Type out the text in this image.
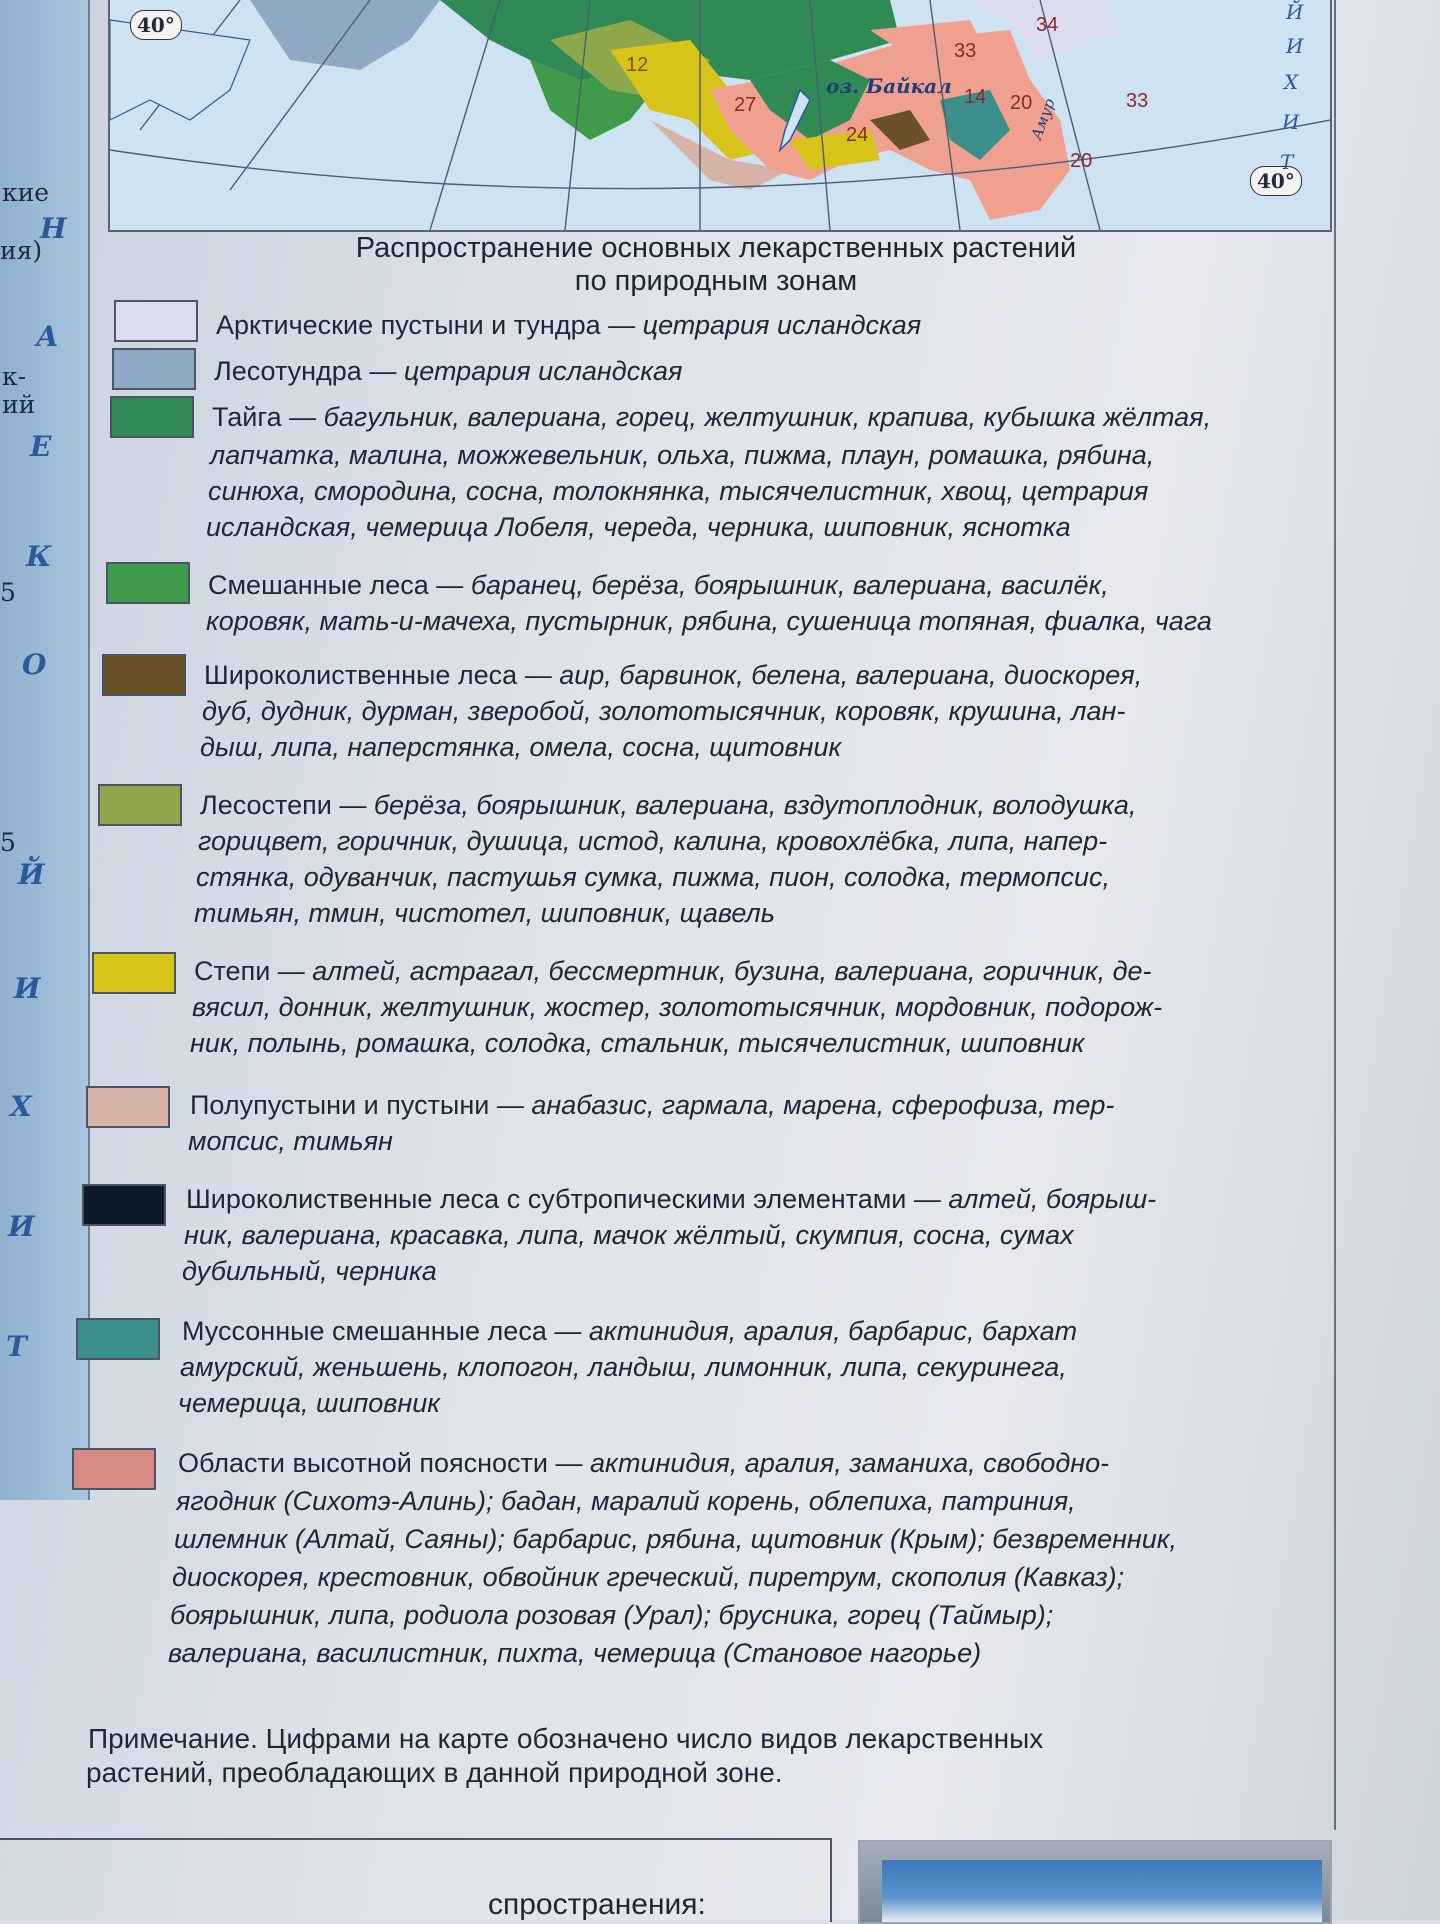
кие
ия)
к-
ий
5
5
Н
А
Е
К
О
Й
И
Х
И
Т
40°
40°
12
27
24
33
14 20
34
33
20
оз. Байкал
Амур
Т
И
Х
И
Й
Распространение основных лекарственных растений
по природным зонам
Арктические пустыни и тундра — цетрария исландская
Лесотундра — цетрария исландская
Тайга — багульник, валериана, горец, желтушник, крапива, кубышка жёлтая,
лапчатка, малина, можжевельник, ольха, пижма, плаун, ромашка, рябина,
синюха, смородина, сосна, толокнянка, тысячелистник, хвощ, цетрария
исландская, чемерица Лобеля, череда, черника, шиповник, яснотка
Смешанные леса — баранец, берёза, боярышник, валериана, василёк,
коровяк, мать-и-мачеха, пустырник, рябина, сушеница топяная, фиалка, чага
Широколиственные леса — аир, барвинок, белена, валериана, диоскорея,
дуб, дудник, дурман, зверобой, золототысячник, коровяк, крушина, лан-
дыш, липа, наперстянка, омела, сосна, щитовник
Лесостепи — берёза, боярышник, валериана, вздутоплодник, володушка,
горицвет, горичник, душица, истод, калина, кровохлёбка, липа, напер-
стянка, одуванчик, пастушья сумка, пижма, пион, солодка, термопсис,
тимьян, тмин, чистотел, шиповник, щавель
Степи — алтей, астрагал, бессмертник, бузина, валериана, горичник, де-
вясил, донник, желтушник, жостер, золототысячник, мордовник, подорож-
ник, полынь, ромашка, солодка, стальник, тысячелистник, шиповник
Полупустыни и пустыни — анабазис, гармала, марена, сферофиза, тер-
мопсис, тимьян
Широколиственные леса с субтропическими элементами — алтей, боярыш-
ник, валериана, красавка, липа, мачок жёлтый, скумпия, сосна, сумах
дубильный, черника
Муссонные смешанные леса — актинидия, аралия, барбарис, бархат
амурский, женьшень, клопогон, ландыш, лимонник, липа, секуринега,
чемерица, шиповник
Области высотной поясности — актинидия, аралия, заманиха, свободно-
ягодник (Сихотэ-Алинь); бадан, маралий корень, облепиха, патриния,
шлемник (Алтай, Саяны); барбарис, рябина, щитовник (Крым); безвременник,
диоскорея, крестовник, обвойник греческий, пиретрум, скополия (Кавказ);
боярышник, липа, родиола розовая (Урал); брусника, горец (Таймыр);
валериана, василистник, пихта, чемерица (Становое нагорье)
Примечание. Цифрами на карте обозначено число видов лекарственных
растений, преобладающих в данной природной зоне.
спространения:
